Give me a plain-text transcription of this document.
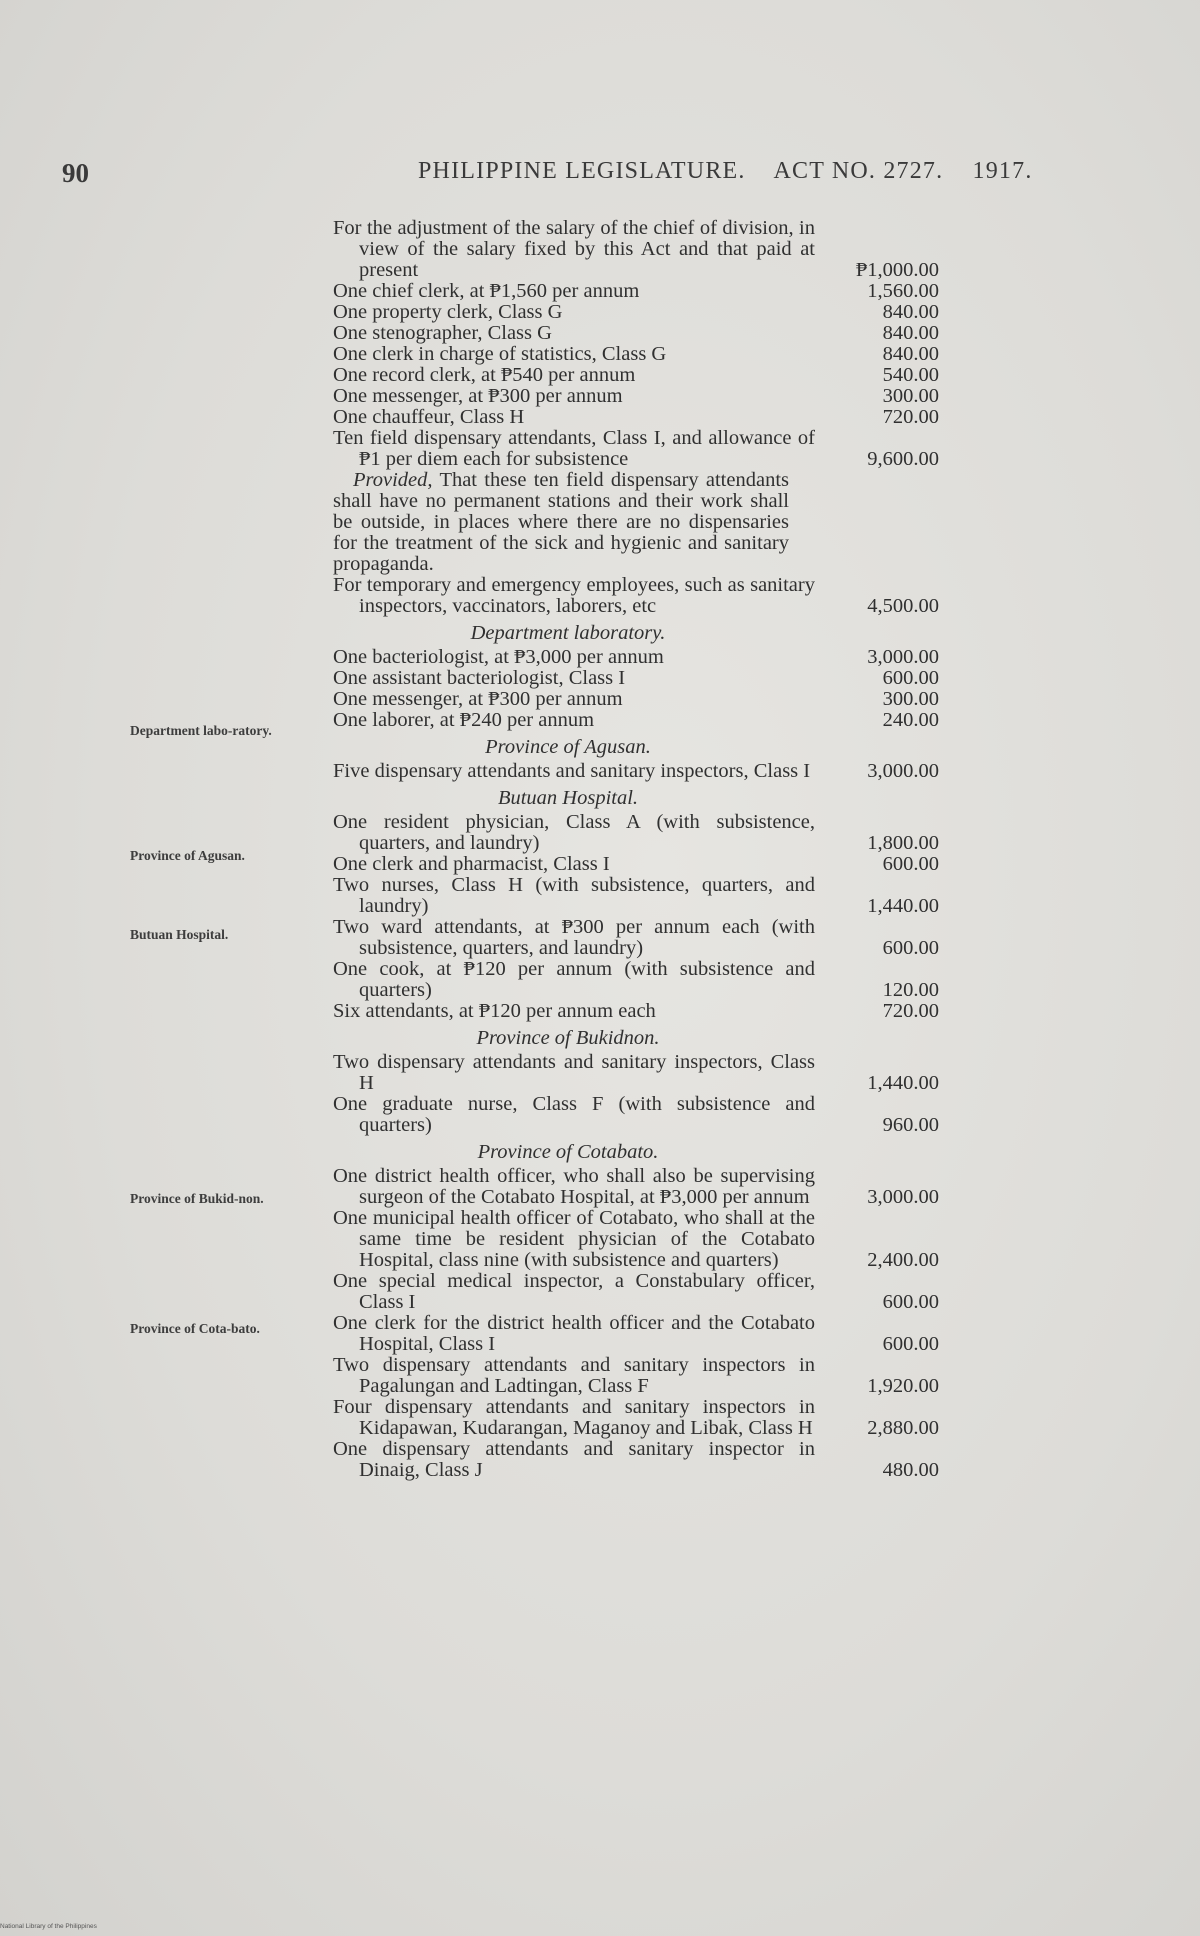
90	PHILIPPINE LEGISLATURE. ACT NO. 2727. 1917.
Department labo-ratory.
Province of Agusan.
Butuan Hospital.
Province of Bukid-non.
Province of Cota-bato.
For the adjustment of the salary of the chief of division, in view of the salary fixed by this Act and that paid at present	₱1,000.00
One chief clerk, at ₱1,560 per annum	1,560.00
One property clerk, Class G	840.00
One stenographer, Class G	840.00
One clerk in charge of statistics, Class G	840.00
One record clerk, at ₱540 per annum	540.00
One messenger, at ₱300 per annum	300.00
One chauffeur, Class H	720.00
Ten field dispensary attendants, Class I, and allowance of ₱1 per diem each for subsistence	9,600.00

Provided, That these ten field dispensary attendants shall have no permanent stations and their work shall be outside, in places where there are no dispensaries for the treatment of the sick and hygienic and sanitary propaganda.

For temporary and emergency employees, such as sanitary inspectors, vaccinators, laborers, etc	4,500.00
Department laboratory.
One bacteriologist, at ₱3,000 per annum	3,000.00
One assistant bacteriologist, Class I	600.00
One messenger, at ₱300 per annum	300.00
One laborer, at ₱240 per annum	240.00
Province of Agusan.
Five dispensary attendants and sanitary inspectors, Class I	3,000.00
Butuan Hospital.
One resident physician, Class A (with subsistence, quarters, and laundry)	1,800.00
One clerk and pharmacist, Class I	600.00
Two nurses, Class H (with subsistence, quarters, and laundry)	1,440.00
Two ward attendants, at ₱300 per annum each (with subsistence, quarters, and laundry)	600.00
One cook, at ₱120 per annum (with subsistence and quarters)	120.00
Six attendants, at ₱120 per annum each	720.00
Province of Bukidnon.
Two dispensary attendants and sanitary inspectors, Class H	1,440.00
One graduate nurse, Class F (with subsistence and quarters)	960.00
Province of Cotabato.
One district health officer, who shall also be supervising surgeon of the Cotabato Hospital, at ₱3,000 per annum	3,000.00
One municipal health officer of Cotabato, who shall at the same time be resident physician of the Cotabato Hospital, class nine (with subsistence and quarters)	2,400.00
One special medical inspector, a Constabulary officer, Class I	600.00
One clerk for the district health officer and the Cotabato Hospital, Class I	600.00
Two dispensary attendants and sanitary inspectors in Pagalungan and Ladtingan, Class F	1,920.00
Four dispensary attendants and sanitary inspectors in Kidapawan, Kudarangan, Maganoy and Libak, Class H	2,880.00
One dispensary attendants and sanitary inspector in Dinaig, Class J	480.00
National Library of the Philippines
